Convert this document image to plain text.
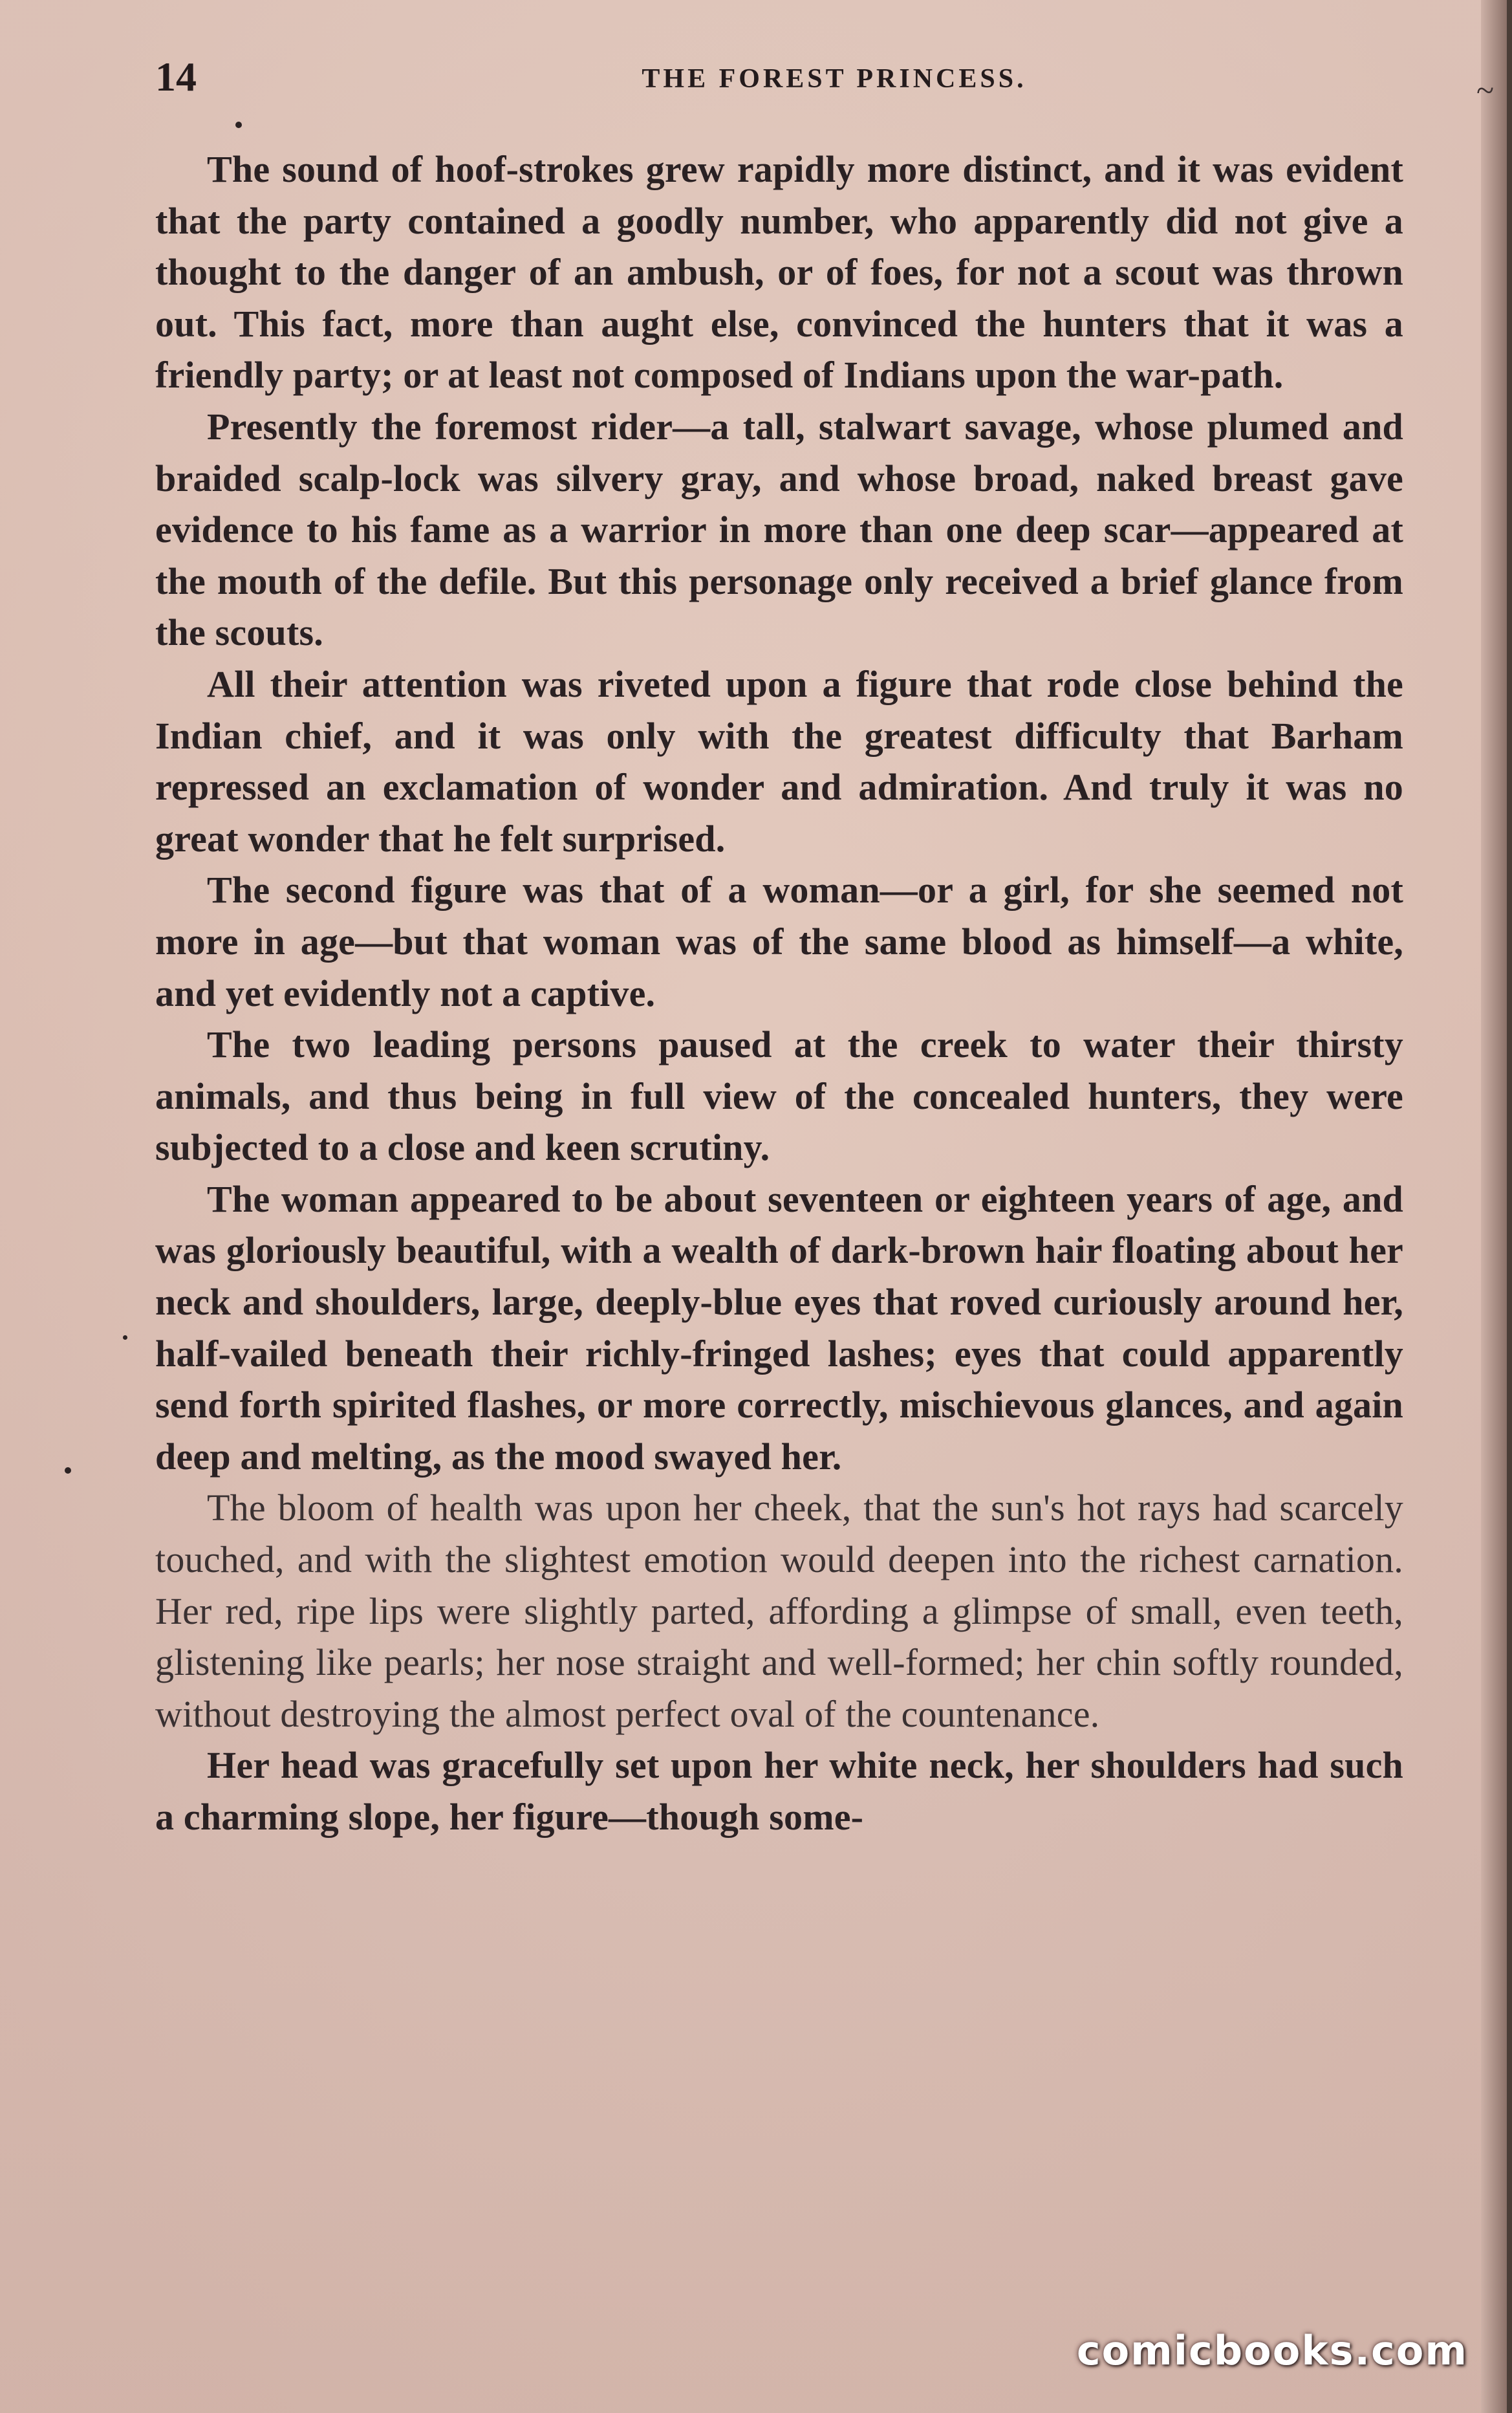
14	THE FOREST PRINCESS.	~

The sound of hoof-strokes grew rapidly more distinct, and it was evident that the party contained a goodly number, who apparently did not give a thought to the danger of an ambush, or of foes, for not a scout was thrown out. This fact, more than aught else, convinced the hunters that it was a friendly party; or at least not composed of Indians upon the war-path.

Presently the foremost rider—a tall, stalwart savage, whose plumed and braided scalp-lock was silvery gray, and whose broad, naked breast gave evidence to his fame as a warrior in more than one deep scar—appeared at the mouth of the defile. But this personage only received a brief glance from the scouts.

All their attention was riveted upon a figure that rode close behind the Indian chief, and it was only with the greatest difficulty that Barham repressed an exclamation of wonder and admiration. And truly it was no great wonder that he felt surprised.

The second figure was that of a woman—or a girl, for she seemed not more in age—but that woman was of the same blood as himself—a white, and yet evidently not a captive.

The two leading persons paused at the creek to water their thirsty animals, and thus being in full view of the concealed hunters, they were subjected to a close and keen scrutiny.

The woman appeared to be about seventeen or eighteen years of age, and was gloriously beautiful, with a wealth of dark-brown hair floating about her neck and shoulders, large, deeply-blue eyes that roved curiously around her, half-vailed beneath their richly-fringed lashes; eyes that could apparently send forth spirited flashes, or more correctly, mischievous glances, and again deep and melting, as the mood swayed her.

The bloom of health was upon her cheek, that the sun's hot rays had scarcely touched, and with the slightest emotion would deepen into the richest carnation. Her red, ripe lips were slightly parted, affording a glimpse of small, even teeth, glistening like pearls; her nose straight and well-formed; her chin softly rounded, without destroying the almost perfect oval of the countenance.

Her head was gracefully set upon her white neck, her shoulders had such a charming slope, her figure—though some-

comicbooks.com
